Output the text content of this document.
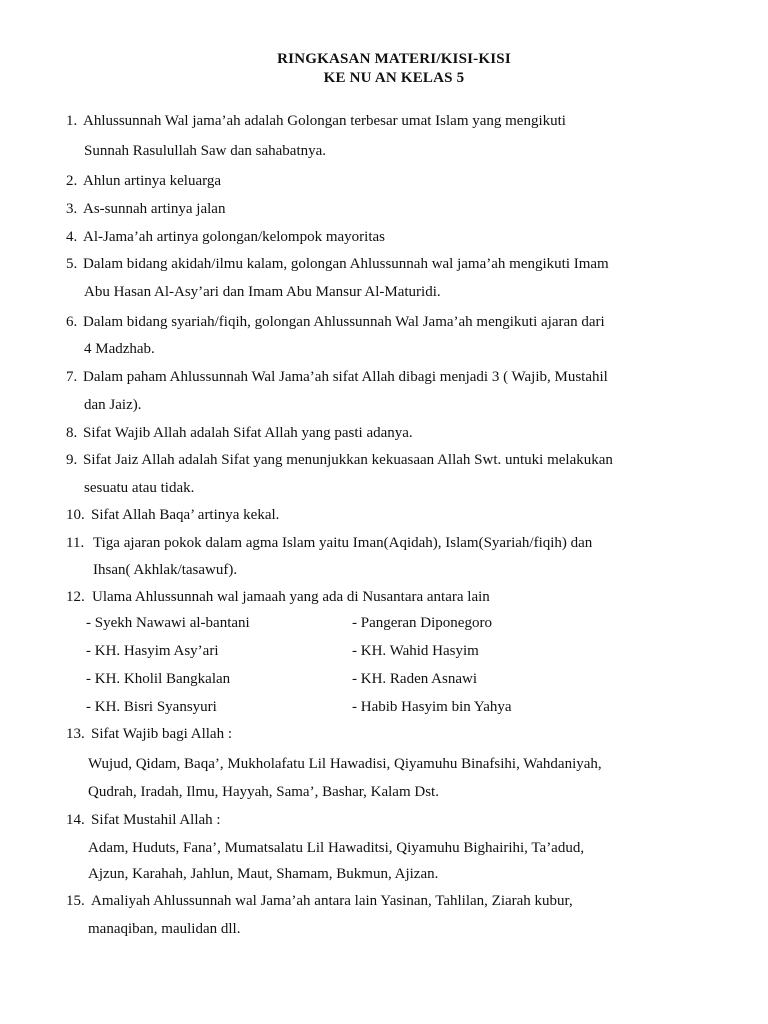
RINGKASAN MATERI/KISI-KISI
KE NU AN KELAS 5
1. Ahlussunnah Wal jama’ah adalah Golongan terbesar umat Islam yang mengikuti
Sunnah Rasulullah Saw dan sahabatnya.
2. Ahlun artinya keluarga
3. As-sunnah artinya jalan
4. Al-Jama’ah artinya golongan/kelompok mayoritas
5. Dalam bidang akidah/ilmu kalam, golongan Ahlussunnah wal jama’ah mengikuti Imam
Abu Hasan Al-Asy’ari dan Imam Abu Mansur Al-Maturidi.
6. Dalam bidang syariah/fiqih, golongan Ahlussunnah Wal Jama’ah mengikuti ajaran dari
4 Madzhab.
7. Dalam paham Ahlussunnah Wal Jama’ah sifat Allah dibagi menjadi 3 ( Wajib, Mustahil
dan Jaiz).
8. Sifat Wajib Allah adalah Sifat Allah yang pasti adanya.
9. Sifat Jaiz Allah adalah Sifat yang menunjukkan kekuasaan Allah Swt. untuki melakukan
sesuatu atau tidak.
10. Sifat Allah Baqa’ artinya kekal.
11. Tiga ajaran pokok dalam agma Islam yaitu Iman(Aqidah), Islam(Syariah/fiqih) dan
Ihsan( Akhlak/tasawuf).
12. Ulama Ahlussunnah wal jamaah yang ada di Nusantara antara lain
- Syekh Nawawi al-bantani
- KH. Hasyim Asy’ari
- KH. Kholil Bangkalan
- KH. Bisri Syansyuri
- Pangeran Diponegoro
- KH. Wahid Hasyim
- KH. Raden Asnawi
- Habib Hasyim bin Yahya
13. Sifat Wajib bagi Allah :
Wujud, Qidam, Baqa’, Mukholafatu Lil Hawadisi, Qiyamuhu Binafsihi, Wahdaniyah,
Qudrah, Iradah, Ilmu, Hayyah, Sama’, Bashar, Kalam Dst.
14. Sifat Mustahil Allah :
Adam, Huduts, Fana’, Mumatsalatu Lil Hawaditsi, Qiyamuhu Bighairihi, Ta’adud,
Ajzun, Karahah, Jahlun, Maut, Shamam, Bukmun, Ajizan.
15. Amaliyah Ahlussunnah wal Jama’ah antara lain Yasinan, Tahlilan, Ziarah kubur,
manaqiban, maulidan dll.
